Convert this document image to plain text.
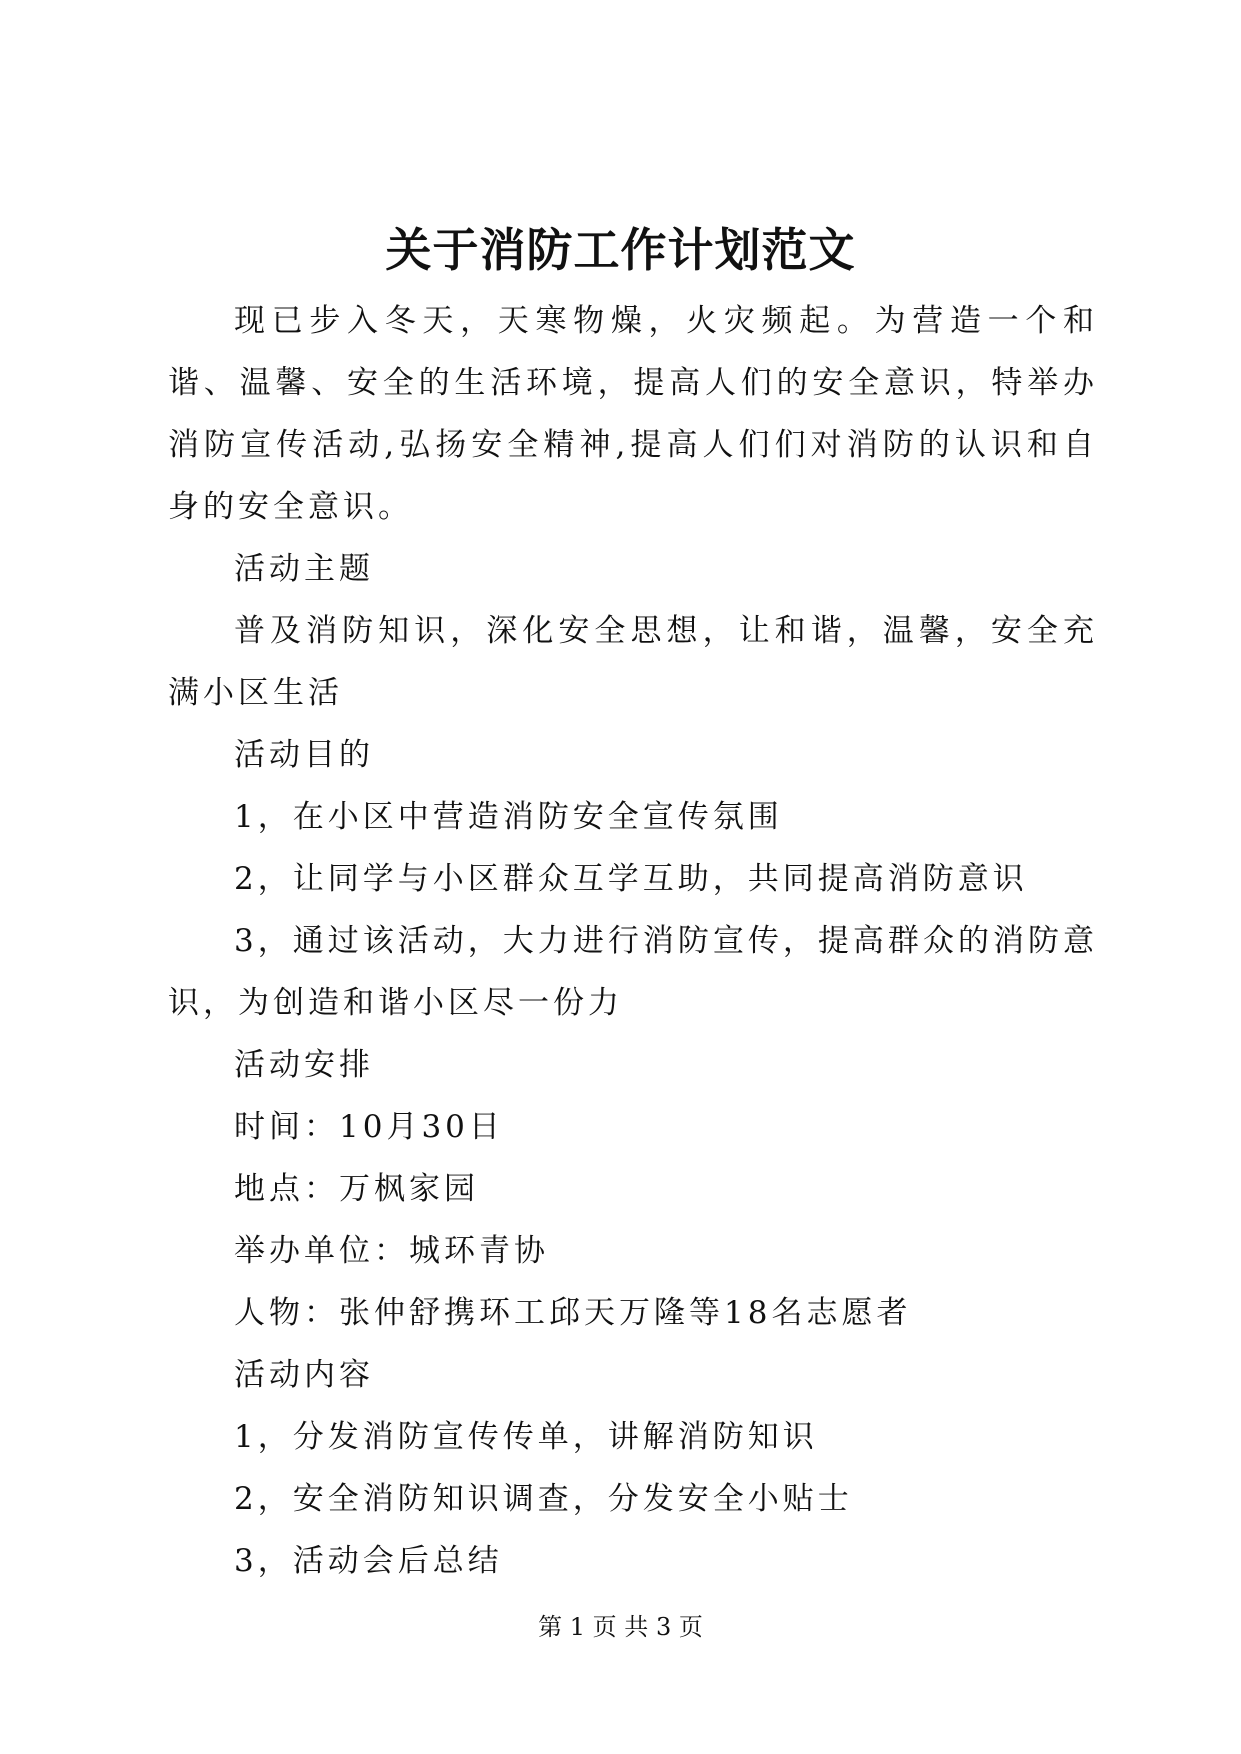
关于消防工作计划范文

现已步入冬天，天寒物燥，火灾频起。为营造一个和谐、温馨、安全的生活环境，提高人们的安全意识，特举办消防宣传活动,弘扬安全精神,提高人们们对消防的认识和自身的安全意识。

活动主题

普及消防知识，深化安全思想，让和谐，温馨，安全充满小区生活

活动目的

1，在小区中营造消防安全宣传氛围

2，让同学与小区群众互学互助，共同提高消防意识

3，通过该活动，大力进行消防宣传，提高群众的消防意识，为创造和谐小区尽一份力

活动安排

时间：10月30日

地点：万枫家园

举办单位：城环青协

人物：张仲舒携环工邱天万隆等18名志愿者

活动内容

1，分发消防宣传传单，讲解消防知识

2，安全消防知识调查，分发安全小贴士

3，活动会后总结

第 1 页 共 3 页
